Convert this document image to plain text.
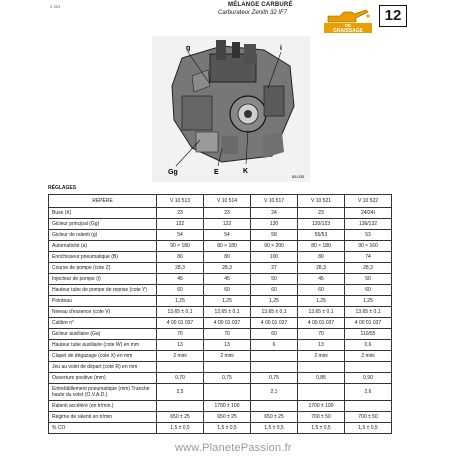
Z 303	MÉLANGE CARBURÉ
Carburateur Zenith 32 IF7
DE
GRAISSAGE
12
g	i
Gg	E	K
85.033
RÉGLAGES
REPÈRE	V 10 513	V 10 514	V 10 517	V 10 521	V 10 522
Buse (K)	23	23	24	23	24/24I
Gicleur principal (Gg)	122	122	130	120/123	136/132
Gicleur de ralenti (g)	54	54	58	55/53	53
Automaticité (a)	90 × 180	80 × 180	90 × 200	80 × 180	90 × 160
Enrichisseur pneumatique (B)	80	80	100	80	74
Course de pompe (cote Z)	28,3	28,3	27	28,3	28,3
Injecteur de pompe (i)	45	45	50	45	50
Hauteur tube de pompe de reprise (cote Y)	60	60	60	60	60
Pointeau	1,25	1,25	1,25	1,25	1,25
Niveau d'essence (cote V)	13,65 ± 0,1	13,65 ± 0,1	13,65 ± 0,1	13,65 ± 0,1	13,65 ± 0,1
Calibre n°	4 00 01 037	4 00 01 037	4 00 01 037	4 00 01 037	4 00 01 037
Gicleur auxiliaire (Ga)	70	70	60	70	110/55
Hauteur tube auxiliaire (cote W) en mm	13	13	6	13	0,6
Clapet de dégazage (cote X) en mm	2 mini	2 mini		2 mini	2 mini
Jeu au volet de départ (cote R) en mm					
Ouverture positive (mm)	0,70	0,75	0,75	0,85	0,90
Entrebâillement pneumatique (mm) Tranche haute du volet (O.V.A.D.)	2,5		2,1		2,6
Ralenti accéléré (en tr/min.)		1700 ± 100		1700 ± 100	
Régime de ralenti en tr/min	650 ± 25	650 ± 25	650 ± 25	700 ± 50	700 ± 50
% CO	1,5 ± 0,5	1,5 ± 0,5	1,5 ± 0,5	1,5 ± 0,5	1,5 ± 0,5
www.PlanetePassion.fr
